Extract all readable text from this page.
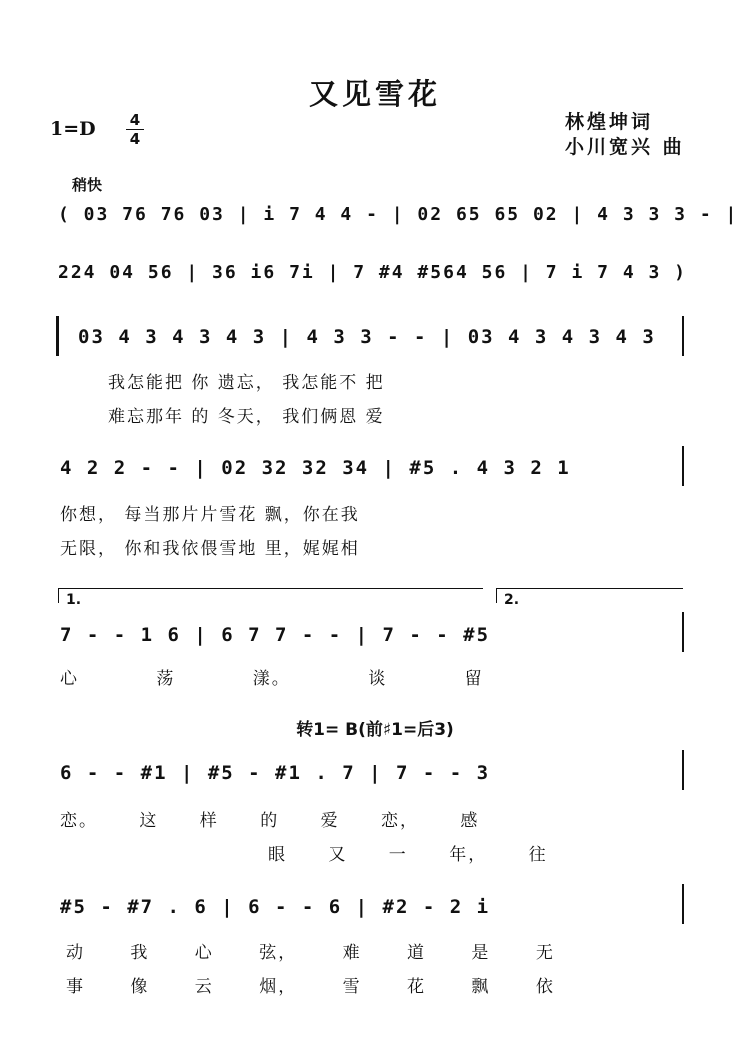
又见雪花
1=D 4
4
林煌坤词
小川宽兴 曲
稍快
( 03 76 76 03 | i 7 4 4 - | 02 65 65 02 | 4 3 3 3 - |
224 04 56 | 36 i6 7i | 7 #4 #564 56 | 7 i 7 4 3 )
03 4 3 4 3 4 3 | 4 3 3 - - | 03 4 3 4 3 4 3
我怎能把 你 遗忘， 我怎能不 把
难忘那年 的 冬天， 我们俩恩 爱
4 2 2 - - | 02 32 32 34 | #5 . 4 3 2 1
你想， 每当那片片雪花 飘，你在我
无限， 你和我依偎雪地 里，娓娓相
1.	2.
7 - - 1 6 | 6 7 7 - - | 7 - - #5
心 荡 漾。 谈 留
转1= B(前♯1=后3)
6 - - #1 | #5 - #1 . 7 | 7 - - 3
恋。 这 样 的 爱 恋， 感
眼 又 一 年， 往
#5 - #7 . 6 | 6 - - 6 | #2 - 2 i
动 我 心 弦， 难 道 是 无
事 像 云 烟， 雪 花 飘 依
